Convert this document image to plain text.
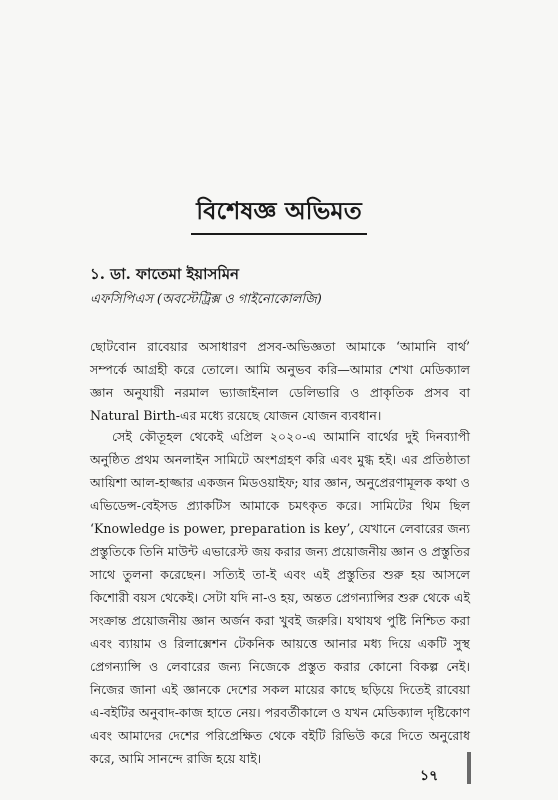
বিশেষজ্ঞ অভিমত
১. ডা. ফাতেমা ইয়াসমিন
এফসিপিএস (অবস্টেট্রিক্স ও গাইনোকোলজি)

ছোটবোন রাবেয়ার অসাধারণ প্রসব-অভিজ্ঞতা আমাকে ‘আমানি বার্থ’ সম্পর্কে আগ্রহী করে তোলে। আমি অনুভব করি—আমার শেখা মেডিক্যাল জ্ঞান অনুযায়ী নরমাল ভ্যাজাইনাল ডেলিভারি ও প্রাকৃতিক প্রসব বা Natural Birth-এর মধ্যে রয়েছে যোজন যোজন ব্যবধান।

সেই কৌতূহল থেকেই এপ্রিল ২০২০-এ আমানি বার্থের দুই দিনব্যাপী অনুষ্ঠিত প্রথম অনলাইন সামিটে অংশগ্রহণ করি এবং মুগ্ধ হই। এর প্রতিষ্ঠাতা আয়িশা আল-হাজ্জার একজন মিডওয়াইফ; যার জ্ঞান, অনুপ্রেরণামূলক কথা ও এভিডেন্স-বেইসড প্র্যাকটিস আমাকে চমৎকৃত করে। সামিটের থিম ছিল ‘Knowledge is power, preparation is key’, যেখানে লেবারের জন্য প্রস্তুতিকে তিনি মাউন্ট এভারেস্ট জয় করার জন্য প্রয়োজনীয় জ্ঞান ও প্রস্তুতির সাথে তুলনা করেছেন। সত্যিই তা-ই এবং এই প্রস্তুতির শুরু হয় আসলে কিশোরী বয়স থেকেই। সেটা যদি না-ও হয়, অন্তত প্রেগন্যান্সির শুরু থেকে এই সংক্রান্ত প্রয়োজনীয় জ্ঞান অর্জন করা খুবই জরুরি। যথাযথ পুষ্টি নিশ্চিত করা এবং ব্যায়াম ও রিলাক্সেশন টেকনিক আয়ত্তে আনার মধ্য দিয়ে একটি সুস্থ প্রেগন্যান্সি ও লেবারের জন্য নিজেকে প্রস্তুত করার কোনো বিকল্প নেই। নিজের জানা এই জ্ঞানকে দেশের সকল মায়ের কাছে ছড়িয়ে দিতেই রাবেয়া এ-বইটির অনুবাদ-কাজ হাতে নেয়। পরবর্তীকালে ও যখন মেডিক্যাল দৃষ্টিকোণ এবং আমাদের দেশের পরিপ্রেক্ষিত থেকে বইটি রিভিউ করে দিতে অনুরোধ করে, আমি সানন্দে রাজি হয়ে যাই।

১৭
